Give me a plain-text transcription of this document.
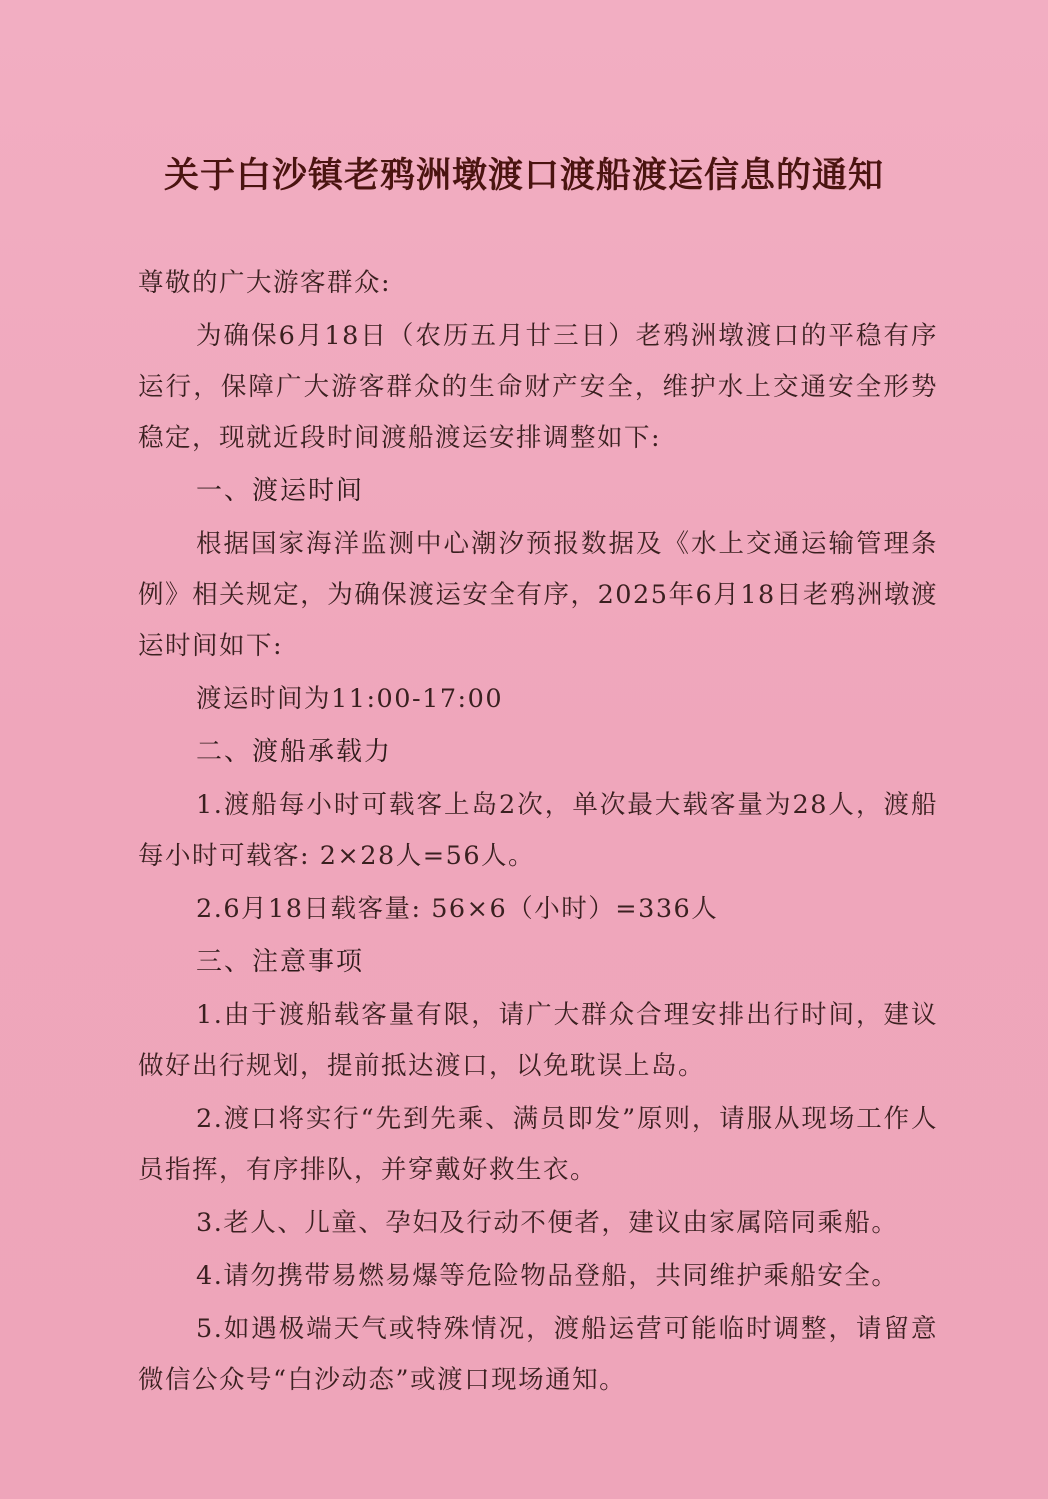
关于白沙镇老鸦洲墩渡口渡船渡运信息的通知

尊敬的广大游客群众:

为确保6月18日（农历五月廿三日）老鸦洲墩渡口的平稳有序运行，保障广大游客群众的生命财产安全，维护水上交通安全形势稳定，现就近段时间渡船渡运安排调整如下:

一、渡运时间

根据国家海洋监测中心潮汐预报数据及《水上交通运输管理条例》相关规定，为确保渡运安全有序，2025年6月18日老鸦洲墩渡运时间如下:

渡运时间为11:00-17:00

二、渡船承载力

1.渡船每小时可载客上岛2次，单次最大载客量为28人，渡船每小时可载客: 2×28人=56人。

2.6月18日载客量: 56×6（小时）=336人

三、注意事项

1.由于渡船载客量有限，请广大群众合理安排出行时间，建议做好出行规划，提前抵达渡口，以免耽误上岛。

2.渡口将实行“先到先乘、满员即发”原则，请服从现场工作人员指挥，有序排队，并穿戴好救生衣。

3.老人、儿童、孕妇及行动不便者，建议由家属陪同乘船。

4.请勿携带易燃易爆等危险物品登船，共同维护乘船安全。

5.如遇极端天气或特殊情况，渡船运营可能临时调整，请留意微信公众号“白沙动态”或渡口现场通知。
